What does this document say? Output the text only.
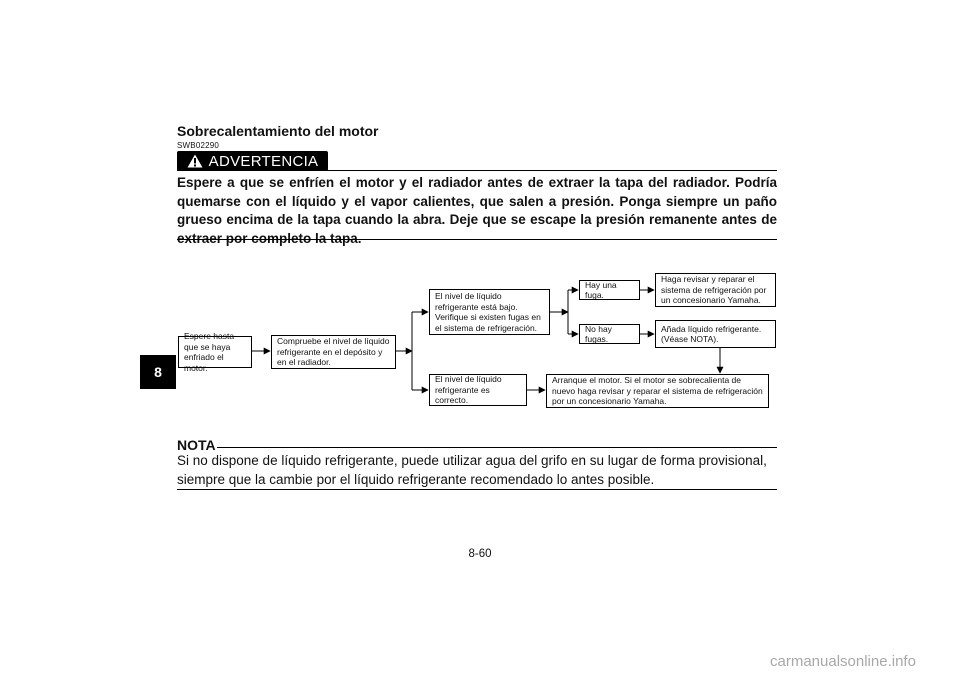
8
Sobrecalentamiento del motor
SWB02290
ADVERTENCIA
Espere a que se enfríen el motor y el radiador antes de extraer la tapa del radiador. Podría quemarse con el líquido y el vapor calientes, que salen a presión. Ponga siempre un paño grueso encima de la tapa cuando la abra. Deje que se escape la presión remanente antes de extraer por completo la tapa.
Espere hasta que se haya enfriado el motor.
Compruebe el nivel de líquido refrigerante en el depósito y en el radiador.
El nivel de líquido refrigerante está bajo. Verifique si existen fugas en el sistema de refrigeración.
El nivel de líquido refrigerante es correcto.
Hay una fuga.
No hay fugas.
Haga revisar y reparar el sistema de refrigeración por un concesionario Yamaha.
Añada líquido refrigerante. (Véase NOTA).
Arranque el motor. Si el motor se sobrecalienta de nuevo haga revisar y reparar el sistema de refrigeración por un concesionario Yamaha.
NOTA
Si no dispone de líquido refrigerante, puede utilizar agua del grifo en su lugar de forma provisional, siempre que la cambie por el líquido refrigerante recomendado lo antes posible.
8-60
carmanualsonline.info
